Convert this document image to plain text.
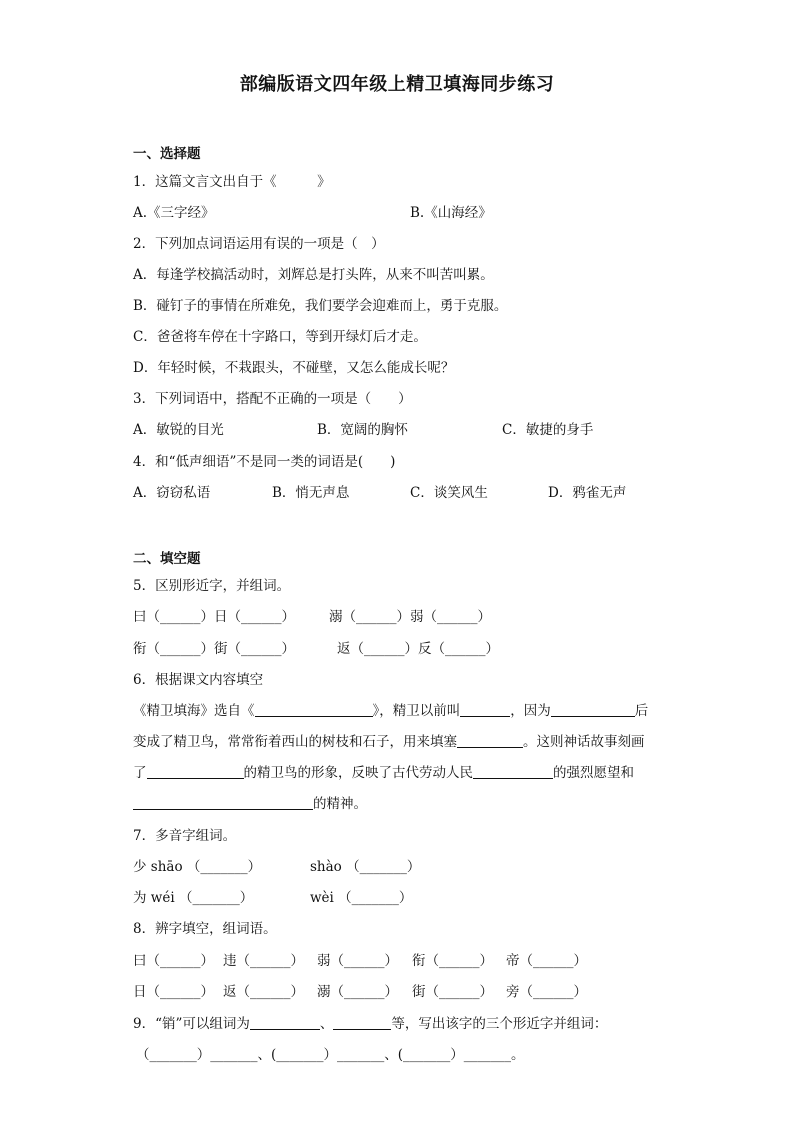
部编版语文四年级上精卫填海同步练习
一、选择题
1．这篇文言文出自于《　　　》
A.《三字经》	B.《山海经》
2．下列加点词语运用有误的一项是（　）
A．每逢学校搞活动时，刘辉总是打头阵，从来不叫苦叫累。
B．碰钉子的事情在所难免，我们要学会迎难而上，勇于克服。
C．爸爸将车停在十字路口，等到开绿灯后才走。
D．年轻时候，不栽跟头，不碰壁，又怎么能成长呢？
3．下列词语中，搭配不正确的一项是（　　）
A．敏锐的目光	B．宽阔的胸怀	C．敏捷的身手
4．和“低声细语”不是同一类的词语是(　　)
A．窃窃私语	B．悄无声息	C．谈笑风生	D．鸦雀无声
二、填空题
5．区别形近字，并组词。
曰（______）日（______）	溺（______）弱（______）
衔（______）街（______）	返（______）反（______）
6．根据课文内容填空
《精卫填海》选自《	》，精卫以前叫	，因为	后
变成了精卫鸟，常常衔着西山的树枝和石子，用来填塞	。这则神话故事刻画
了	的精卫鸟的形象，反映了古代劳动人民	的强烈愿望和
的精神。
7．多音字组词。
少 shāo （_______）	shào （_______）
为 wéi （_______）	wèi （_______）
8．辨字填空，组词语。
曰（______） 违（______） 弱（______） 衔（______） 帝（______）
日（______） 返（______） 溺（______） 街（______） 旁（______）
9．“销”可以组词为	、	等，写出该字的三个形近字并组词：
（_______）_______、(_______）_______、(_______）_______。
